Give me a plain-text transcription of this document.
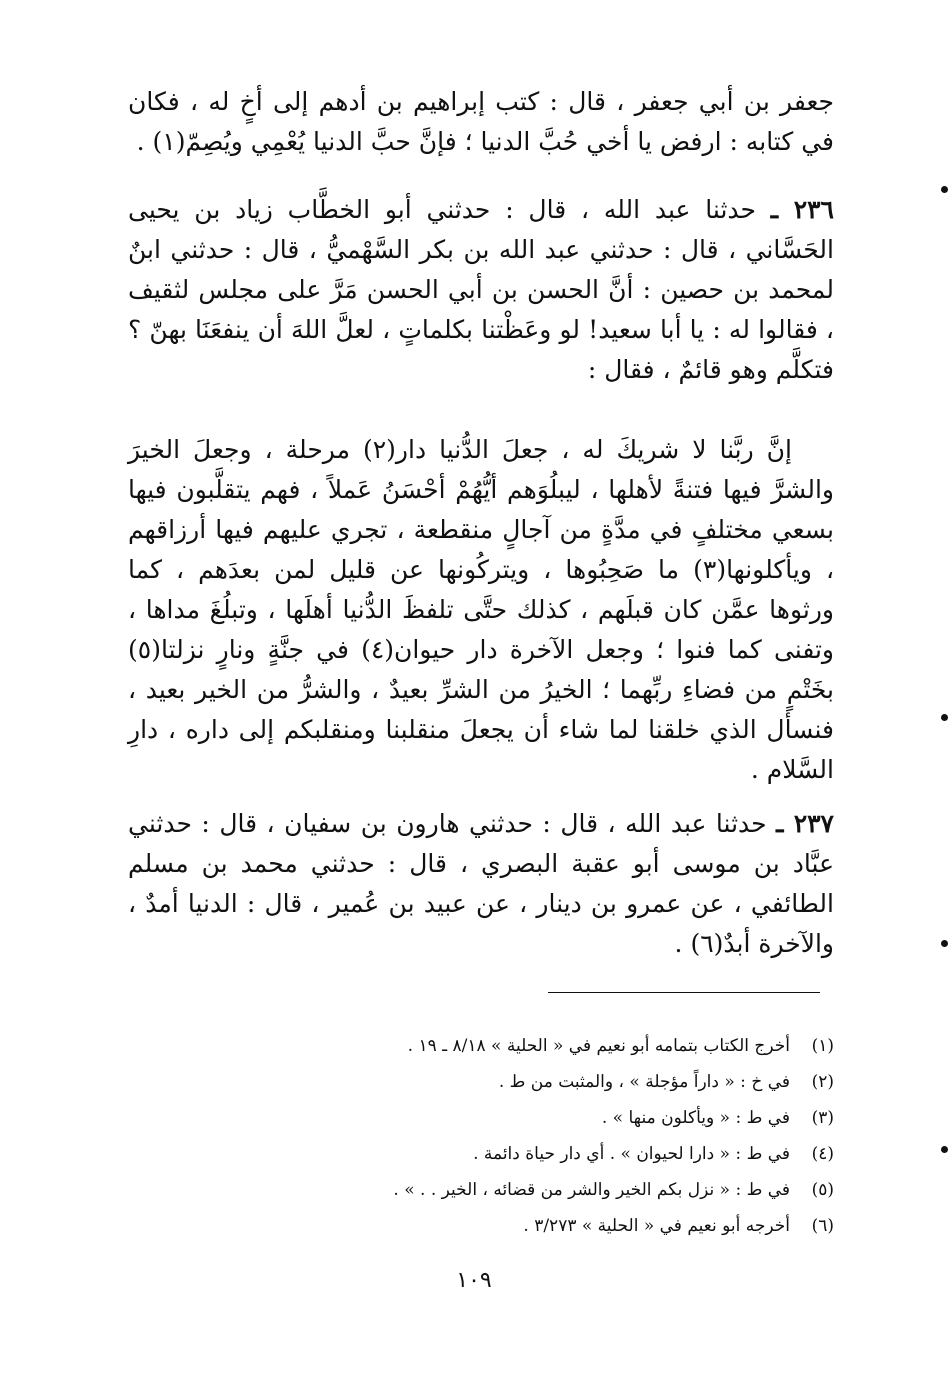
جعفر بن أبي جعفر ، قال : كتب إبراهيم بن أدهم إلى أخٍ له ، فكان في كتابه : ارفض يا أخي حُبَّ الدنيا ؛ فإنَّ حبَّ الدنيا يُعْمِي ويُصِمّ(١) .

٢٣٦ ـ حدثنا عبد الله ، قال : حدثني أبو الخطَّاب زياد بن يحيى الحَسَّاني ، قال : حدثني عبد الله بن بكر السَّهْميُّ ، قال : حدثني ابنٌ لمحمد بن حصين : أنَّ الحسن بن أبي الحسن مَرَّ على مجلس لثقيف ، فقالوا له : يا أبا سعيد! لو وعَظْتنا بكلماتٍ ، لعلَّ اللهَ أن ينفعَنَا بهنّ ؟ فتكلَّم وهو قائمٌ ، فقال :

إنَّ ربَّنا لا شريكَ له ، جعلَ الدُّنيا دار(٢) مرحلة ، وجعلَ الخيرَ والشرَّ فيها فتنةً لأهلها ، ليبلُوَهم أيُّهُمْ أحْسَنُ عَملاً ، فهم يتقلَّبون فيها بسعي مختلفٍ في مدَّةٍ من آجالٍ منقطعة ، تجري عليهم فيها أرزاقهم ، ويأكلونها(٣) ما صَحِبُوها ، ويتركُونها عن قليل لمن بعدَهم ، كما ورثوها عمَّن كان قبلَهم ، كذلك حتَّى تلفظَ الدُّنيا أهلَها ، وتبلُغَ مداها ، وتفنى كما فنوا ؛ وجعل الآخرة دار حيوان(٤) في جنَّةٍ ونارٍ نزلتا(٥) بخَتْمٍ من فضاءِ ربِّهما ؛ الخيرُ من الشرِّ بعيدٌ ، والشرُّ من الخير بعيد ، فنسأل الذي خلقنا لما شاء أن يجعلَ منقلبنا ومنقلبكم إلى داره ، دارِ السَّلام .

٢٣٧ ـ حدثنا عبد الله ، قال : حدثني هارون بن سفيان ، قال : حدثني عبَّاد بن موسى أبو عقبة البصري ، قال : حدثني محمد بن مسلم الطائفي ، عن عمرو بن دينار ، عن عبيد بن عُمير ، قال : الدنيا أمدٌ ، والآخرة أبدٌ(٦) .

(١)
أخرج الكتاب بتمامه أبو نعيم في « الحلية » ٨/١٨ ـ ١٩ .
(٢)
في خ : « داراً مؤجلة » ، والمثبت من ط .
(٣)
في ط : « ويأكلون منها » .
(٤)
في ط : « دارا لحيوان » . أي دار حياة دائمة .
(٥)
في ط : « نزل بكم الخير والشر من قضائه ، الخير . . » .
(٦)
أخرجه أبو نعيم في « الحلية » ٣/٢٧٣ .
١٠٩
